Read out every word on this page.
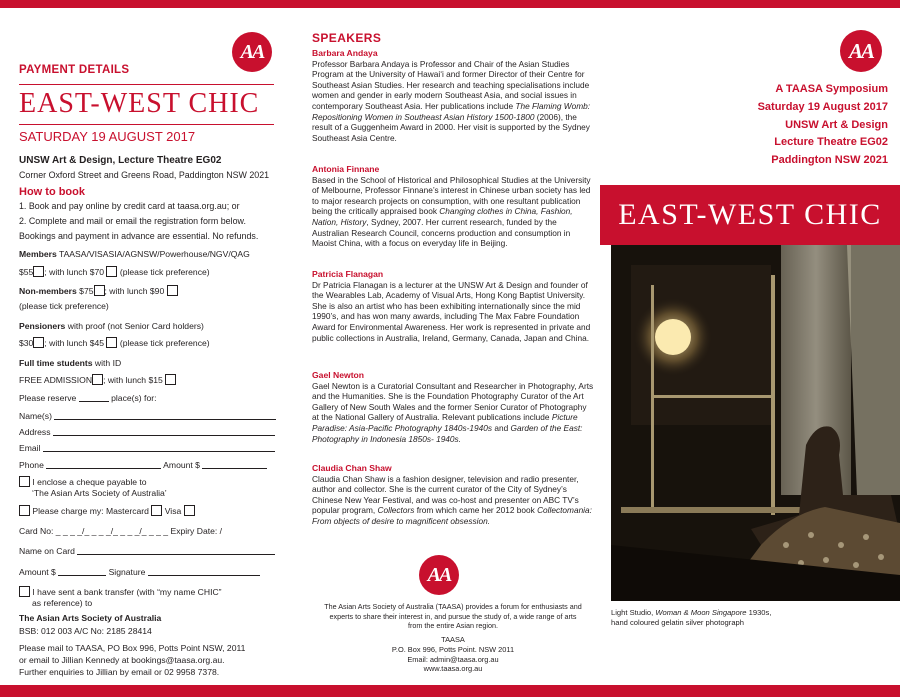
AA
PAYMENT DETAILS
EAST-WEST CHIC
SATURDAY 19 AUGUST 2017
UNSW Art & Design, Lecture Theatre EG02
Corner Oxford Street and Greens Road, Paddington NSW 2021
How to book
1. Book and pay online by credit card at taasa.org.au; or
2. Complete and mail or email the registration form below.
Bookings and payment in advance are essential. No refunds.
Members TAASA/VISASIA/AGNSW/Powerhouse/NGV/QAG
$55 ; with lunch $70 (please tick preference)
Non-members $75 ; with lunch $90
(please tick preference)
Pensioners with proof (not Senior Card holders)
$30 ; with lunch $45 (please tick preference)
Full time students with ID
FREE ADMISSION ; with lunch $15
Please reserve	place(s) for:
Name(s)
Address
Email
Phone	Amount $
I enclose a cheque payable to
‘The Asian Arts Society of Australia’
Please charge my: Mastercard Visa
Card No: _ _ _ _/_ _ _ _/_ _ _ _/_ _ _ _ Expiry Date: /
Name on Card
Amount $	Signature
I have sent a bank transfer (with “my name CHIC”
as reference) to
The Asian Arts Society of Australia
BSB: 012 003 A/C No: 2185 28414
Please mail to TAASA, PO Box 996, Potts Point NSW, 2011
or email to Jillian Kennedy at bookings@taasa.org.au.
Further enquiries to Jillian by email or 02 9958 7378.
SPEAKERS
Barbara Andaya
Professor Barbara Andaya is Professor and Chair of the Asian Studies Program at the University of Hawai‘i and former Director of their Centre for Southeast Asian Studies. Her research and teaching specialisations include women and gender in early modern Southeast Asia, and social issues in contemporary Southeast Asia. Her publications include The Flaming Womb: Repositioning Women in Southeast Asian History 1500-1800 (2006), the result of a Guggenheim Award in 2000. Her visit is supported by the Sydney Southeast Asia Centre.
Antonia Finnane
Based in the School of Historical and Philosophical Studies at the University of Melbourne, Professor Finnane’s interest in Chinese urban society has led to major research projects on consumption, with one resultant publication being the critically appraised book Changing clothes in China, Fashion, Nation, History, Sydney, 2007. Her current research, funded by the Australian Research Council, concerns production and consumption in Maoist China, with a focus on everyday life in Beijing.
Patricia Flanagan
Dr Patricia Flanagan is a lecturer at the UNSW Art & Design and founder of the Wearables Lab, Academy of Visual Arts, Hong Kong Baptist University. She is also an artist who has been exhibiting internationally since the mid 1990’s, and has won many awards, including The Max Fabre Foundation Award for Environmental Awareness. Her work is represented in private and public collections in Australia, Ireland, Germany, Canada, Japan and China.
Gael Newton
Gael Newton is a Curatorial Consultant and Researcher in Photography, Arts and the Humanities. She is the Foundation Photography Curator of the Art Gallery of New South Wales and the former Senior Curator of Photography at the National Gallery of Australia. Relevant publications include Picture Paradise: Asia-Pacific Photography 1840s-1940s and Garden of the East: Photography in Indonesia 1850s- 1940s.
Claudia Chan Shaw
Claudia Chan Shaw is a fashion designer, television and radio presenter, author and collector. She is the current curator of the City of Sydney’s Chinese New Year Festival, and was co-host and presenter on ABC TV’s popular program, Collectors from which came her 2012 book Collectomania: From objects of desire to magnificent obsession.
AA
The Asian Arts Society of Australia (TAASA) provides a forum for enthusiasts and experts to share their interest in, and pursue the study of, a wide range of arts from the entire Asian region.
TAASA
P.O. Box 996, Potts Point. NSW 2011
Email: admin@taasa.org.au
www.taasa.org.au
AA
A TAASA Symposium
Saturday 19 August 2017
UNSW Art & Design
Lecture Theatre EG02
Paddington NSW 2021
EAST-WEST CHIC
Light Studio, Woman & Moon Singapore 1930s,
hand coloured gelatin silver photograph
